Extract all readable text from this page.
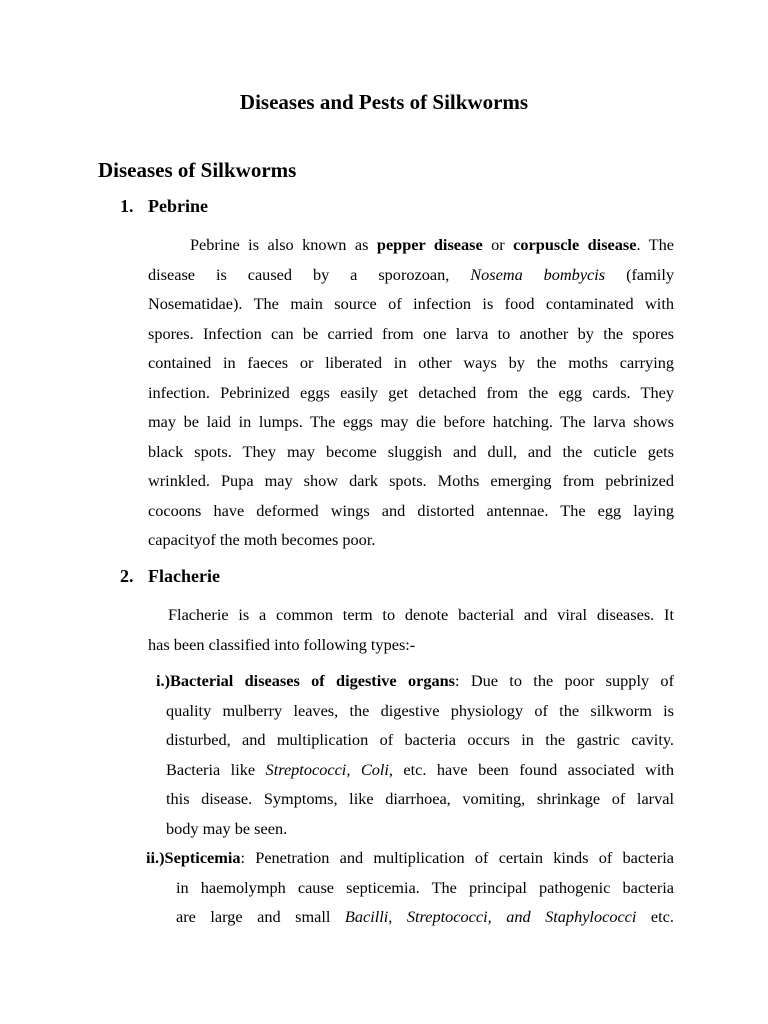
Diseases and Pests of Silkworms
Diseases of Silkworms
1. Pebrine
Pebrine is also known as pepper disease or corpuscle disease. The
disease is caused by a sporozoan, Nosema bombycis (family
Nosematidae). The main source of infection is food contaminated with
spores. Infection can be carried from one larva to another by the spores
contained in faeces or liberated in other ways by the moths carrying
infection. Pebrinized eggs easily get detached from the egg cards. They
may be laid in lumps. The eggs may die before hatching. The larva shows
black spots. They may become sluggish and dull, and the cuticle gets
wrinkled. Pupa may show dark spots. Moths emerging from pebrinized
cocoons have deformed wings and distorted antennae. The egg laying
capacityof the moth becomes poor.
2. Flacherie
Flacherie is a common term to denote bacterial and viral diseases. It
has been classified into following types:-
i.)Bacterial diseases of digestive organs: Due to the poor supply of
quality mulberry leaves, the digestive physiology of the silkworm is
disturbed, and multiplication of bacteria occurs in the gastric cavity.
Bacteria like Streptococci, Coli, etc. have been found associated with
this disease. Symptoms, like diarrhoea, vomiting, shrinkage of larval
body may be seen.
ii.)Septicemia: Penetration and multiplication of certain kinds of bacteria
in haemolymph cause septicemia. The principal pathogenic bacteria
are large and small Bacilli, Streptococci, and Staphylococci etc.
